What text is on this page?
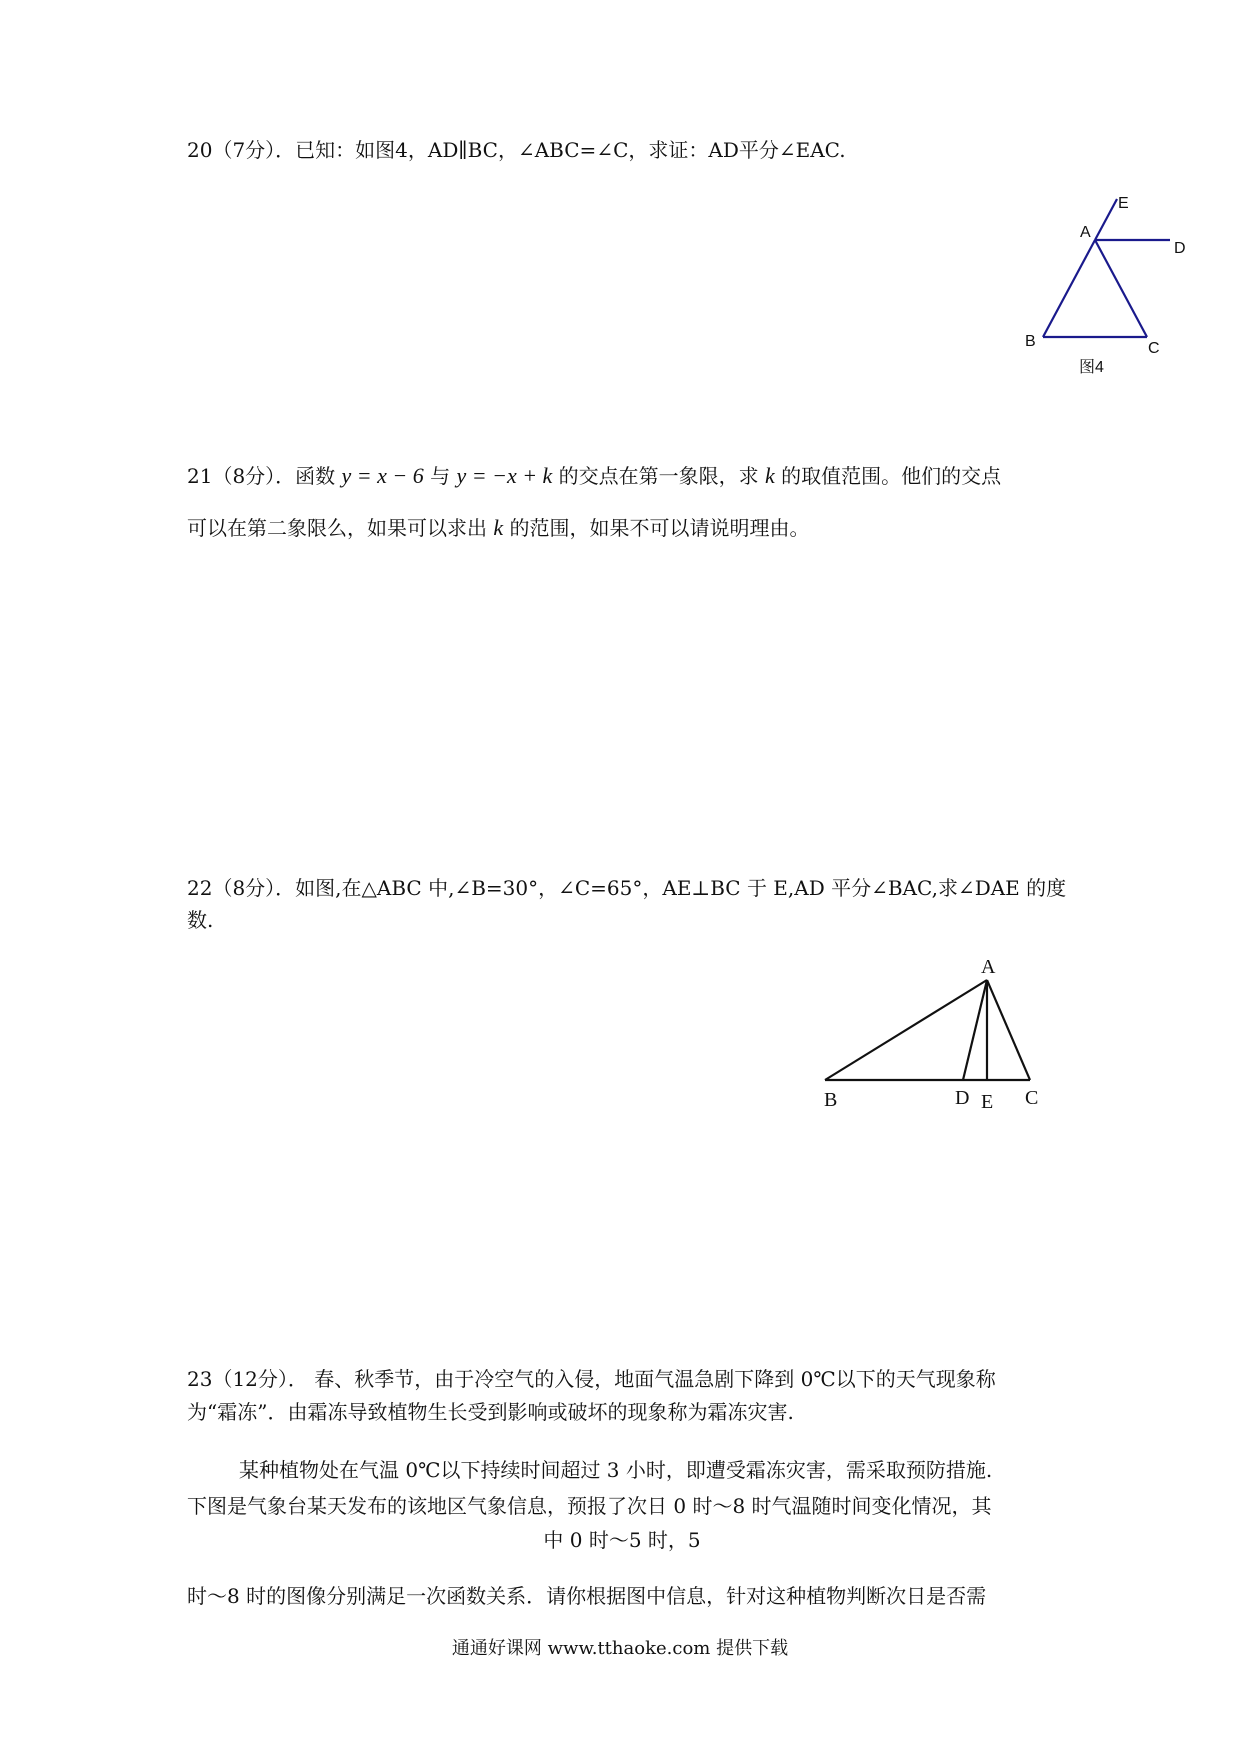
20（7分）．已知：如图4，AD∥BC，∠ABC=∠C，求证：AD平分∠EAC.
E
A
D
B	C
图4
21（8分）．函数 y = x − 6 与 y = −x + k 的交点在第一象限，求 k 的取值范围。他们的交点
可以在第二象限么，如果可以求出 k 的范围，如果不可以请说明理由。
22（8分）．如图,在△ABC 中,∠B=30°，∠C=65°，AE⊥BC 于 E,AD 平分∠BAC,求∠DAE 的度
数.
A
B	D E C
23（12分）． 春、秋季节，由于冷空气的入侵，地面气温急剧下降到 0℃以下的天气现象称
为“霜冻”．由霜冻导致植物生长受到影响或破坏的现象称为霜冻灾害.
某种植物处在气温 0℃以下持续时间超过 3 小时，即遭受霜冻灾害，需采取预防措施.
下图是气象台某天发布的该地区气象信息，预报了次日 0 时～8 时气温随时间变化情况，其
中 0 时～5 时，5
时～8 时的图像分别满足一次函数关系．请你根据图中信息，针对这种植物判断次日是否需
通通好课网 www.tthaoke.com 提供下载
